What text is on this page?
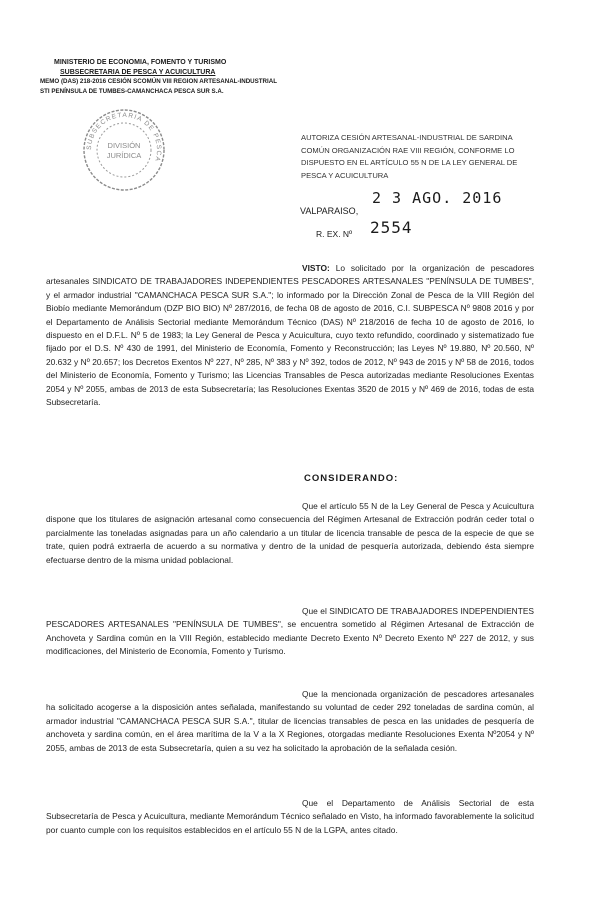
MINISTERIO DE ECONOMIA, FOMENTO Y TURISMO
SUBSECRETARIA DE PESCA Y ACUICULTURA
MEMO (DAS) 218-2016 CESIÓN SCOMÚN VIII REGION ARTESANAL-INDUSTRIAL
STI PENÍNSULA DE TUMBES-CAMANCHACA PESCA SUR S.A.
SUBSECRETARIA DE PESCA
DIVISIÓN
JURÍDICA
AUTORIZA CESIÓN ARTESANAL-INDUSTRIAL DE SARDINA COMÚN ORGANIZACIÓN RAE VIII REGIÓN, CONFORME LO DISPUESTO EN EL ARTÍCULO 55 N DE LA LEY GENERAL DE PESCA Y ACUICULTURA
2 3 AGO. 2016
VALPARAISO,
2554
R. EX. Nº
VISTO: Lo solicitado por la organización de pescadores artesanales SINDICATO DE TRABAJADORES INDEPENDIENTES PESCADORES ARTESANALES "PENÍNSULA DE TUMBES", y el armador industrial "CAMANCHACA PESCA SUR S.A."; lo informado por la Dirección Zonal de Pesca de la VIII Región del Biobío mediante Memorándum (DZP BIO BIO) Nº 287/2016, de fecha 08 de agosto de 2016, C.I. SUBPESCA Nº 9808 2016 y por el Departamento de Análisis Sectorial mediante Memorándum Técnico (DAS) Nº 218/2016 de fecha 10 de agosto de 2016, lo dispuesto en el D.F.L. Nº 5 de 1983; la Ley General de Pesca y Acuicultura, cuyo texto refundido, coordinado y sistematizado fue fijado por el D.S. Nº 430 de 1991, del Ministerio de Economía, Fomento y Reconstrucción; las Leyes Nº 19.880, Nº 20.560, Nº 20.632 y Nº 20.657; los Decretos Exentos Nº 227, Nº 285, Nº 383 y Nº 392, todos de 2012, Nº 943 de 2015 y Nº 58 de 2016, todos del Ministerio de Economía, Fomento y Turismo; las Licencias Transables de Pesca autorizadas mediante Resoluciones Exentas 2054 y Nº 2055, ambas de 2013 de esta Subsecretaría; las Resoluciones Exentas 3520 de 2015 y Nº 469 de 2016, todas de esta Subsecretaría.
CONSIDERANDO:
Que el artículo 55 N de la Ley General de Pesca y Acuicultura dispone que los titulares de asignación artesanal como consecuencia del Régimen Artesanal de Extracción podrán ceder total o parcialmente las toneladas asignadas para un año calendario a un titular de licencia transable de pesca de la especie de que se trate, quien podrá extraerla de acuerdo a su normativa y dentro de la unidad de pesquería autorizada, debiendo ésta siempre efectuarse dentro de la misma unidad poblacional.
Que el SINDICATO DE TRABAJADORES INDEPENDIENTES PESCADORES ARTESANALES "PENÍNSULA DE TUMBES", se encuentra sometido al Régimen Artesanal de Extracción de Anchoveta y Sardina común en la VIII Región, establecido mediante Decreto Exento Nº Decreto Exento Nº 227 de 2012, y sus modificaciones, del Ministerio de Economía, Fomento y Turismo.
Que la mencionada organización de pescadores artesanales ha solicitado acogerse a la disposición antes señalada, manifestando su voluntad de ceder 292 toneladas de sardina común, al armador industrial "CAMANCHACA PESCA SUR S.A.", titular de licencias transables de pesca en las unidades de pesquería de anchoveta y sardina común, en el área marítima de la V a la X Regiones, otorgadas mediante Resoluciones Exenta Nº2054 y Nº 2055, ambas de 2013 de esta Subsecretaría, quien a su vez ha solicitado la aprobación de la señalada cesión.
Que el Departamento de Análisis Sectorial de esta Subsecretaría de Pesca y Acuicultura, mediante Memorándum Técnico señalado en Visto, ha informado favorablemente la solicitud por cuanto cumple con los requisitos establecidos en el artículo 55 N de la LGPA, antes citado.
